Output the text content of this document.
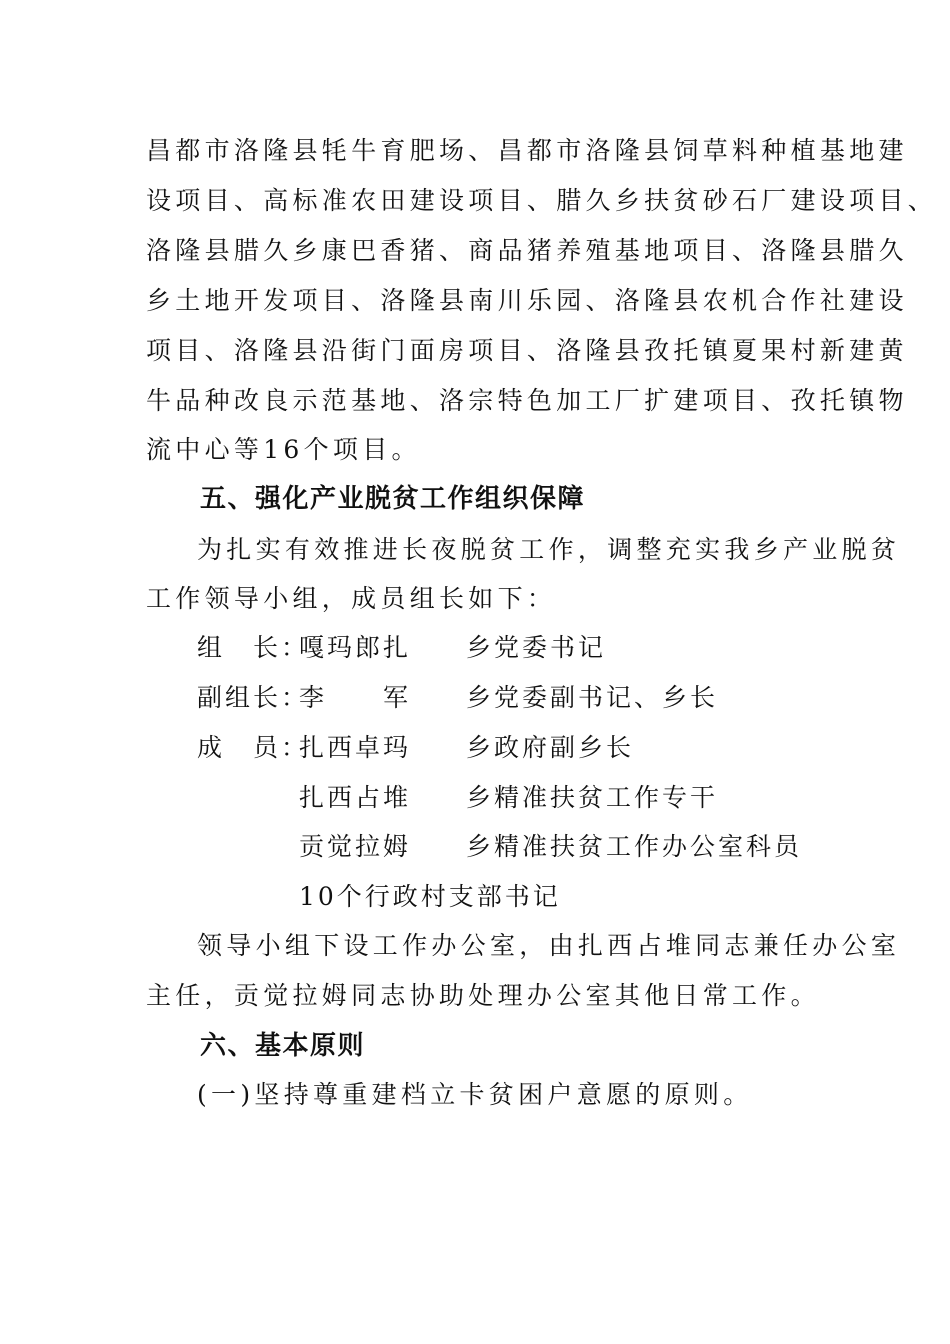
昌都市洛隆县牦牛育肥场、昌都市洛隆县饲草料种植基地建
设项目、高标准农田建设项目、腊久乡扶贫砂石厂建设项目、
洛隆县腊久乡康巴香猪、商品猪养殖基地项目、洛隆县腊久
乡土地开发项目、洛隆县南川乐园、洛隆县农机合作社建设
项目、洛隆县沿街门面房项目、洛隆县孜托镇夏果村新建黄
牛品种改良示范基地、洛宗特色加工厂扩建项目、孜托镇物
流中心等16个项目。
五、强化产业脱贫工作组织保障
为扎实有效推进长夜脱贫工作，调整充实我乡产业脱贫
工作领导小组，成员组长如下：
组　长：
嘎玛郎扎 乡党委书记
副组长：
李　　军 乡党委副书记、乡长
成　员：
扎西卓玛 乡政府副乡长
扎西占堆 乡精准扶贫工作专干
贡觉拉姆 乡精准扶贫工作办公室科员
10个行政村支部书记
领导小组下设工作办公室，由扎西占堆同志兼任办公室
主任，贡觉拉姆同志协助处理办公室其他日常工作。
六、基本原则
(一)坚持尊重建档立卡贫困户意愿的原则。
